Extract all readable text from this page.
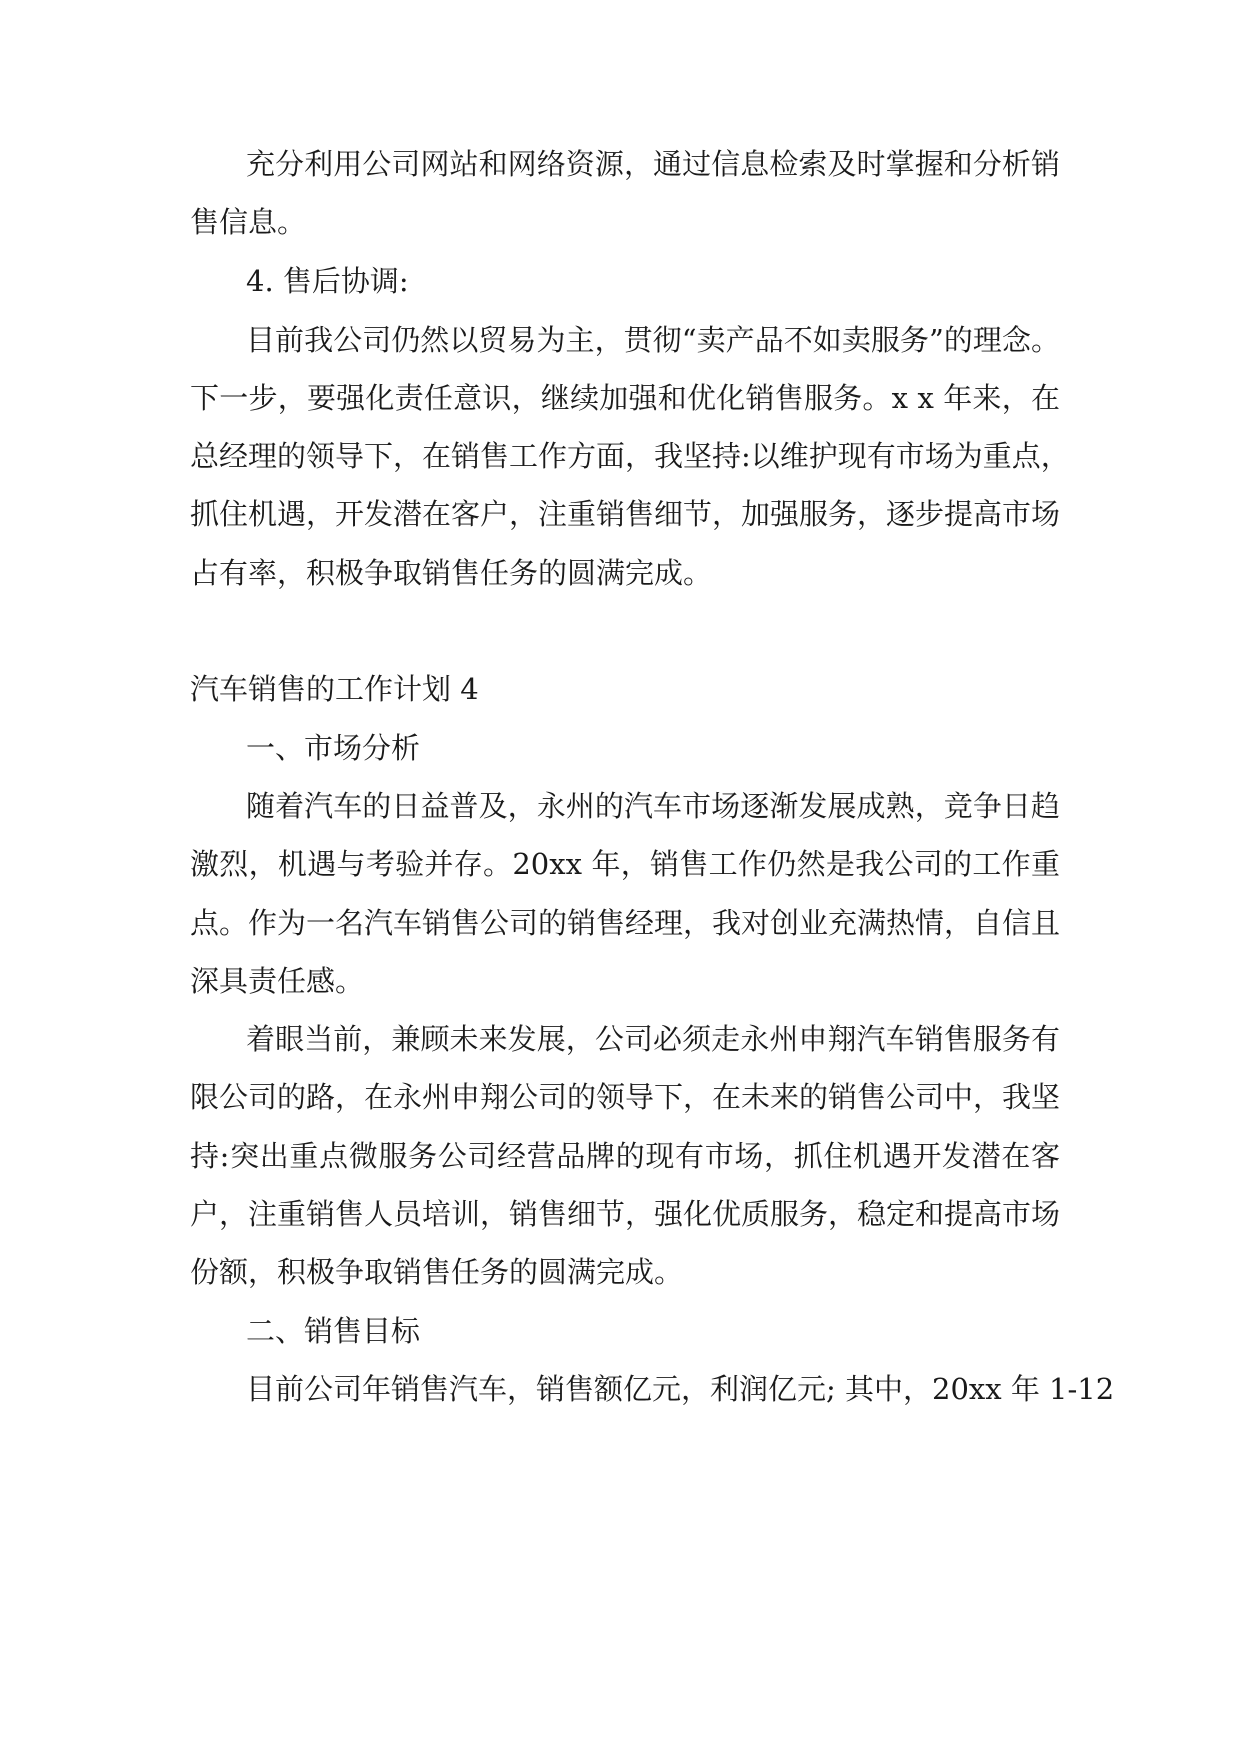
充分利用公司网站和网络资源，通过信息检索及时掌握和分析销
售信息。
4. 售后协调:
目前我公司仍然以贸易为主，贯彻“卖产品不如卖服务”的理念。
下一步，要强化责任意识，继续加强和优化销售服务。x x 年来，在
总经理的领导下，在销售工作方面，我坚持:以维护现有市场为重点，
抓住机遇，开发潜在客户，注重销售细节，加强服务，逐步提高市场
占有率，积极争取销售任务的圆满完成。
汽车销售的工作计划 4
一、市场分析
随着汽车的日益普及，永州的汽车市场逐渐发展成熟，竞争日趋
激烈，机遇与考验并存。20xx 年，销售工作仍然是我公司的工作重
点。作为一名汽车销售公司的销售经理，我对创业充满热情，自信且
深具责任感。
着眼当前，兼顾未来发展，公司必须走永州申翔汽车销售服务有
限公司的路，在永州申翔公司的领导下，在未来的销售公司中，我坚
持:突出重点微服务公司经营品牌的现有市场，抓住机遇开发潜在客
户，注重销售人员培训，销售细节，强化优质服务，稳定和提高市场
份额，积极争取销售任务的圆满完成。
二、销售目标
目前公司年销售汽车，销售额亿元，利润亿元; 其中，20xx 年 1-12
